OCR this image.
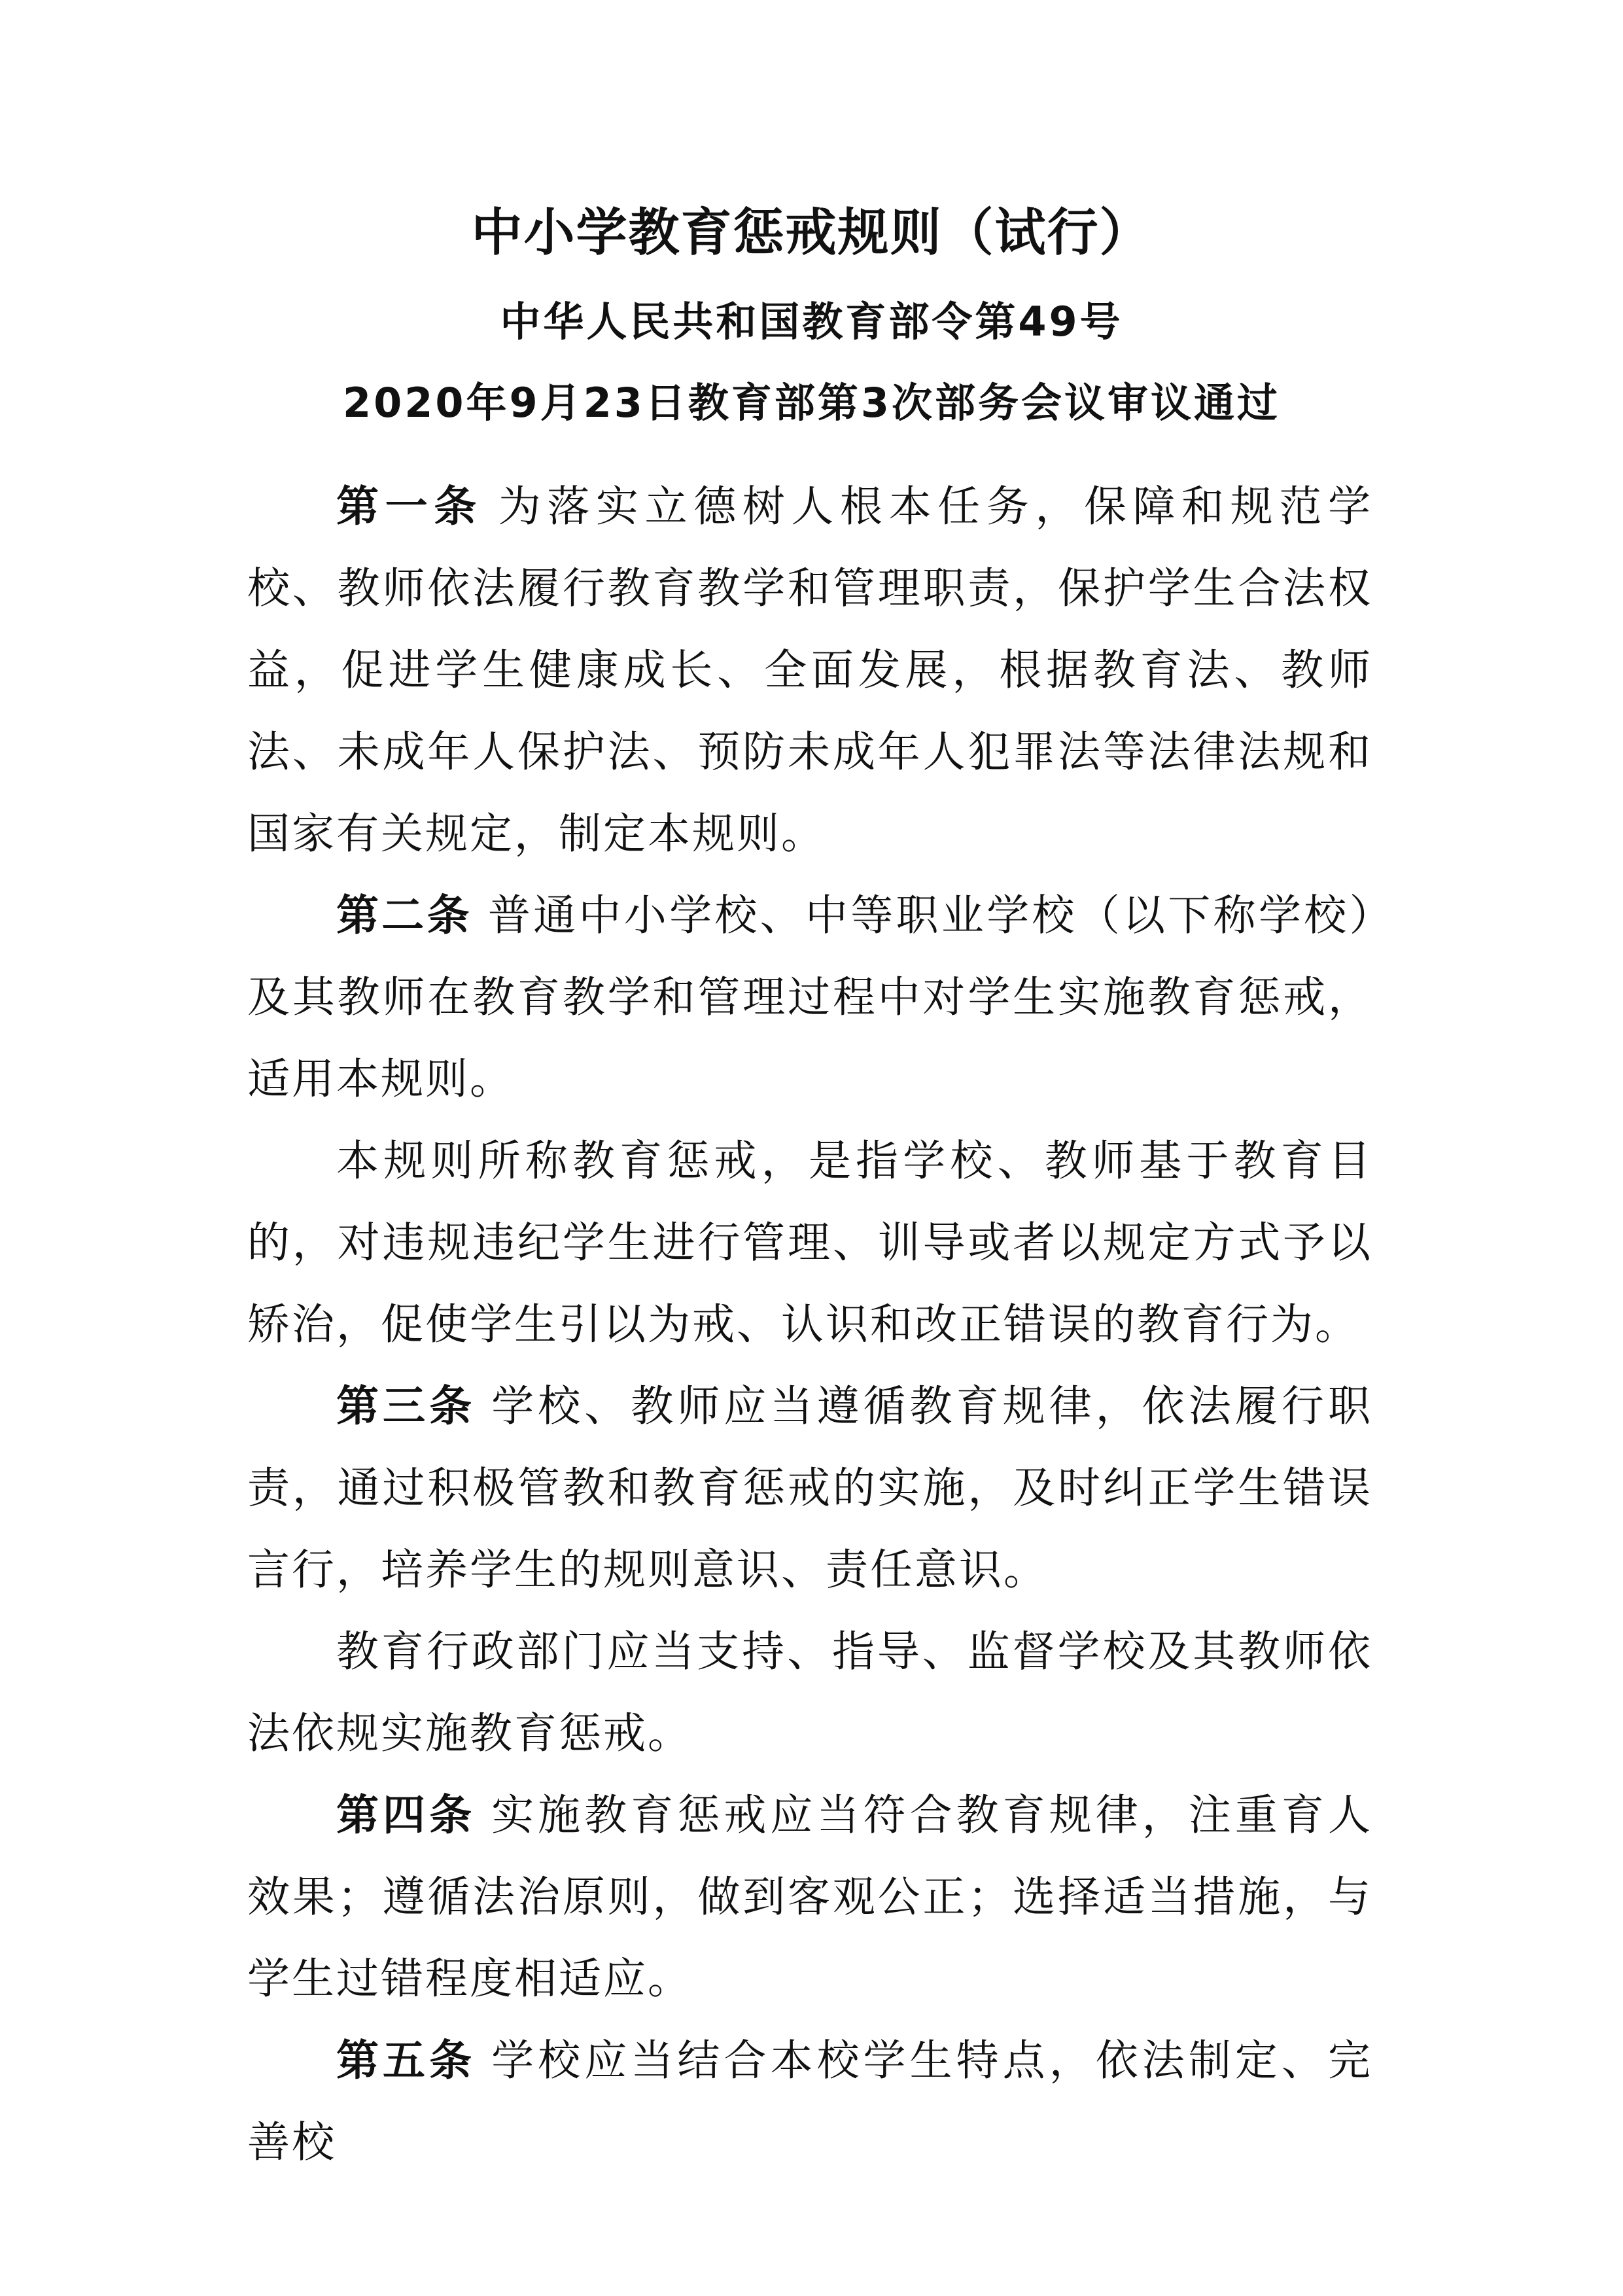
中小学教育惩戒规则（试行）
中华人民共和国教育部令第49号
2020年9月23日教育部第3次部务会议审议通过

第一条 为落实立德树人根本任务，保障和规范学校、教师依法履行教育教学和管理职责，保护学生合法权益，促进学生健康成长、全面发展，根据教育法、教师法、未成年人保护法、预防未成年人犯罪法等法律法规和国家有关规定，制定本规则。

第二条 普通中小学校、中等职业学校（以下称学校）及其教师在教育教学和管理过程中对学生实施教育惩戒，适用本规则。

本规则所称教育惩戒，是指学校、教师基于教育目的，对违规违纪学生进行管理、训导或者以规定方式予以矫治，促使学生引以为戒、认识和改正错误的教育行为。

第三条 学校、教师应当遵循教育规律，依法履行职责，通过积极管教和教育惩戒的实施，及时纠正学生错误言行，培养学生的规则意识、责任意识。

教育行政部门应当支持、指导、监督学校及其教师依法依规实施教育惩戒。

第四条 实施教育惩戒应当符合教育规律，注重育人效果；遵循法治原则，做到客观公正；选择适当措施，与学生过错程度相适应。

第五条 学校应当结合本校学生特点，依法制定、完善校
